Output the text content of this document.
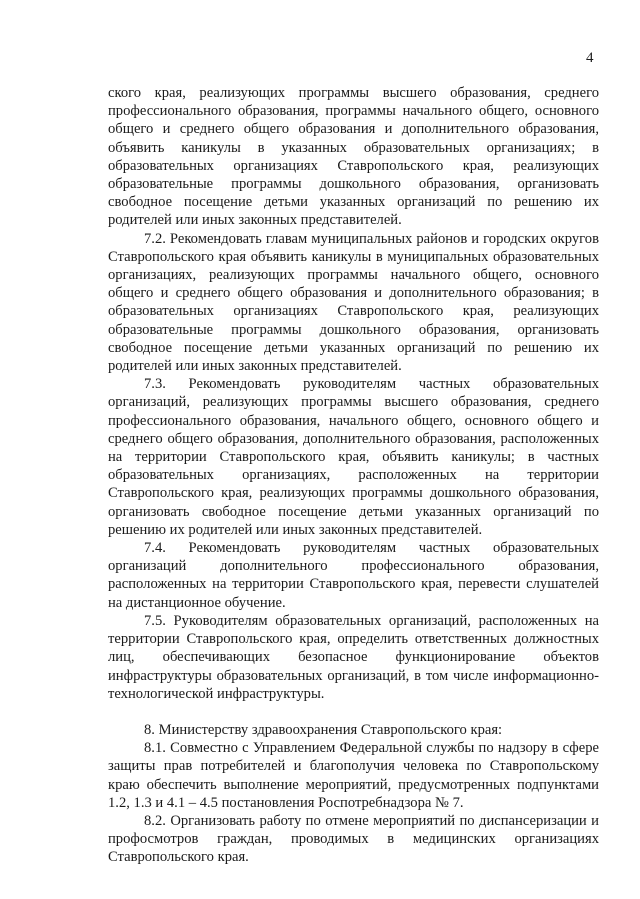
4

ского края, реализующих программы высшего образования, среднего профессионального образования, программы начального общего, основного общего и среднего общего образования и дополнительного образования, объявить каникулы в указанных образовательных организациях; в образовательных организациях Ставропольского края, реализующих образовательные программы дошкольного образования, организовать свободное посещение детьми указанных организаций по решению их родителей или иных законных представителей.

7.2. Рекомендовать главам муниципальных районов и городских округов Ставропольского края объявить каникулы в муниципальных образовательных организациях, реализующих программы начального общего, основного общего и среднего общего образования и дополнительного образования; в образовательных организациях Ставропольского края, реализующих образовательные программы дошкольного образования, организовать свободное посещение детьми указанных организаций по решению их родителей или иных законных представителей.

7.3. Рекомендовать руководителям частных образовательных организаций, реализующих программы высшего образования, среднего профессионального образования, начального общего, основного общего и среднего общего образования, дополнительного образования, расположенных на территории Ставропольского края, объявить каникулы; в частных образовательных организациях, расположенных на территории Ставропольского края, реализующих программы дошкольного образования, организовать свободное посещение детьми указанных организаций по решению их родителей или иных законных представителей.

7.4. Рекомендовать руководителям частных образовательных организаций дополнительного профессионального образования, расположенных на территории Ставропольского края, перевести слушателей на дистанционное обучение.

7.5. Руководителям образовательных организаций, расположенных на территории Ставропольского края, определить ответственных должностных лиц, обеспечивающих безопасное функционирование объектов инфраструктуры образовательных организаций, в том числе информационно-технологической инфраструктуры.

8. Министерству здравоохранения Ставропольского края:

8.1. Совместно с Управлением Федеральной службы по надзору в сфере защиты прав потребителей и благополучия человека по Ставропольскому краю обеспечить выполнение мероприятий, предусмотренных подпунктами 1.2, 1.3 и 4.1 – 4.5 постановления Роспотребнадзора № 7.

8.2. Организовать работу по отмене мероприятий по диспансеризации и профосмотров граждан, проводимых в медицинских организациях Ставропольского края.
